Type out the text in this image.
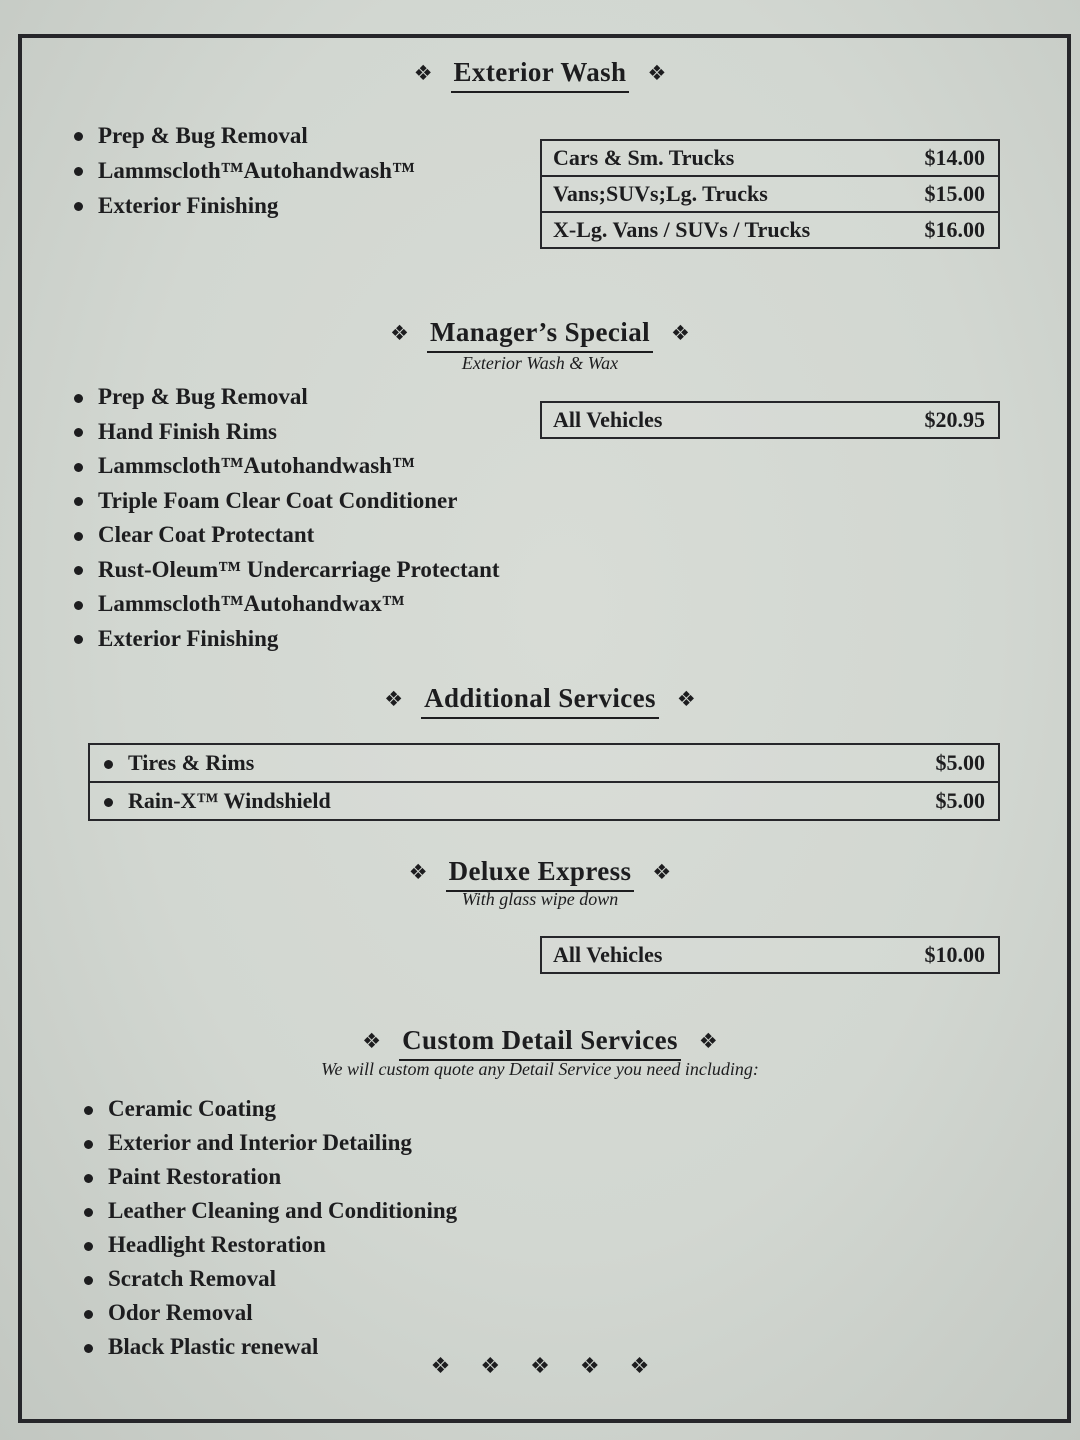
❖ Exterior Wash ❖
Prep & Bug Removal
Lammscloth™Autohandwash™
Exterior Finishing
Cars & Sm. Trucks	$14.00
Vans;SUVs;Lg. Trucks	$15.00
X-Lg. Vans / SUVs / Trucks	$16.00
❖ Manager’s Special ❖
Exterior Wash & Wax
Prep & Bug Removal
Hand Finish Rims
Lammscloth™Autohandwash™
Triple Foam Clear Coat Conditioner
Clear Coat Protectant
Rust-Oleum™ Undercarriage Protectant
Lammscloth™Autohandwax™
Exterior Finishing
All Vehicles	$20.95
❖ Additional Services ❖
Tires & Rims	$5.00
Rain-X™ Windshield	$5.00
❖ Deluxe Express ❖
With glass wipe down
All Vehicles	$10.00
❖ Custom Detail Services ❖
We will custom quote any Detail Service you need including:
Ceramic Coating
Exterior and Interior Detailing
Paint Restoration
Leather Cleaning and Conditioning
Headlight Restoration
Scratch Removal
Odor Removal
Black Plastic renewal
❖ ❖ ❖ ❖ ❖
